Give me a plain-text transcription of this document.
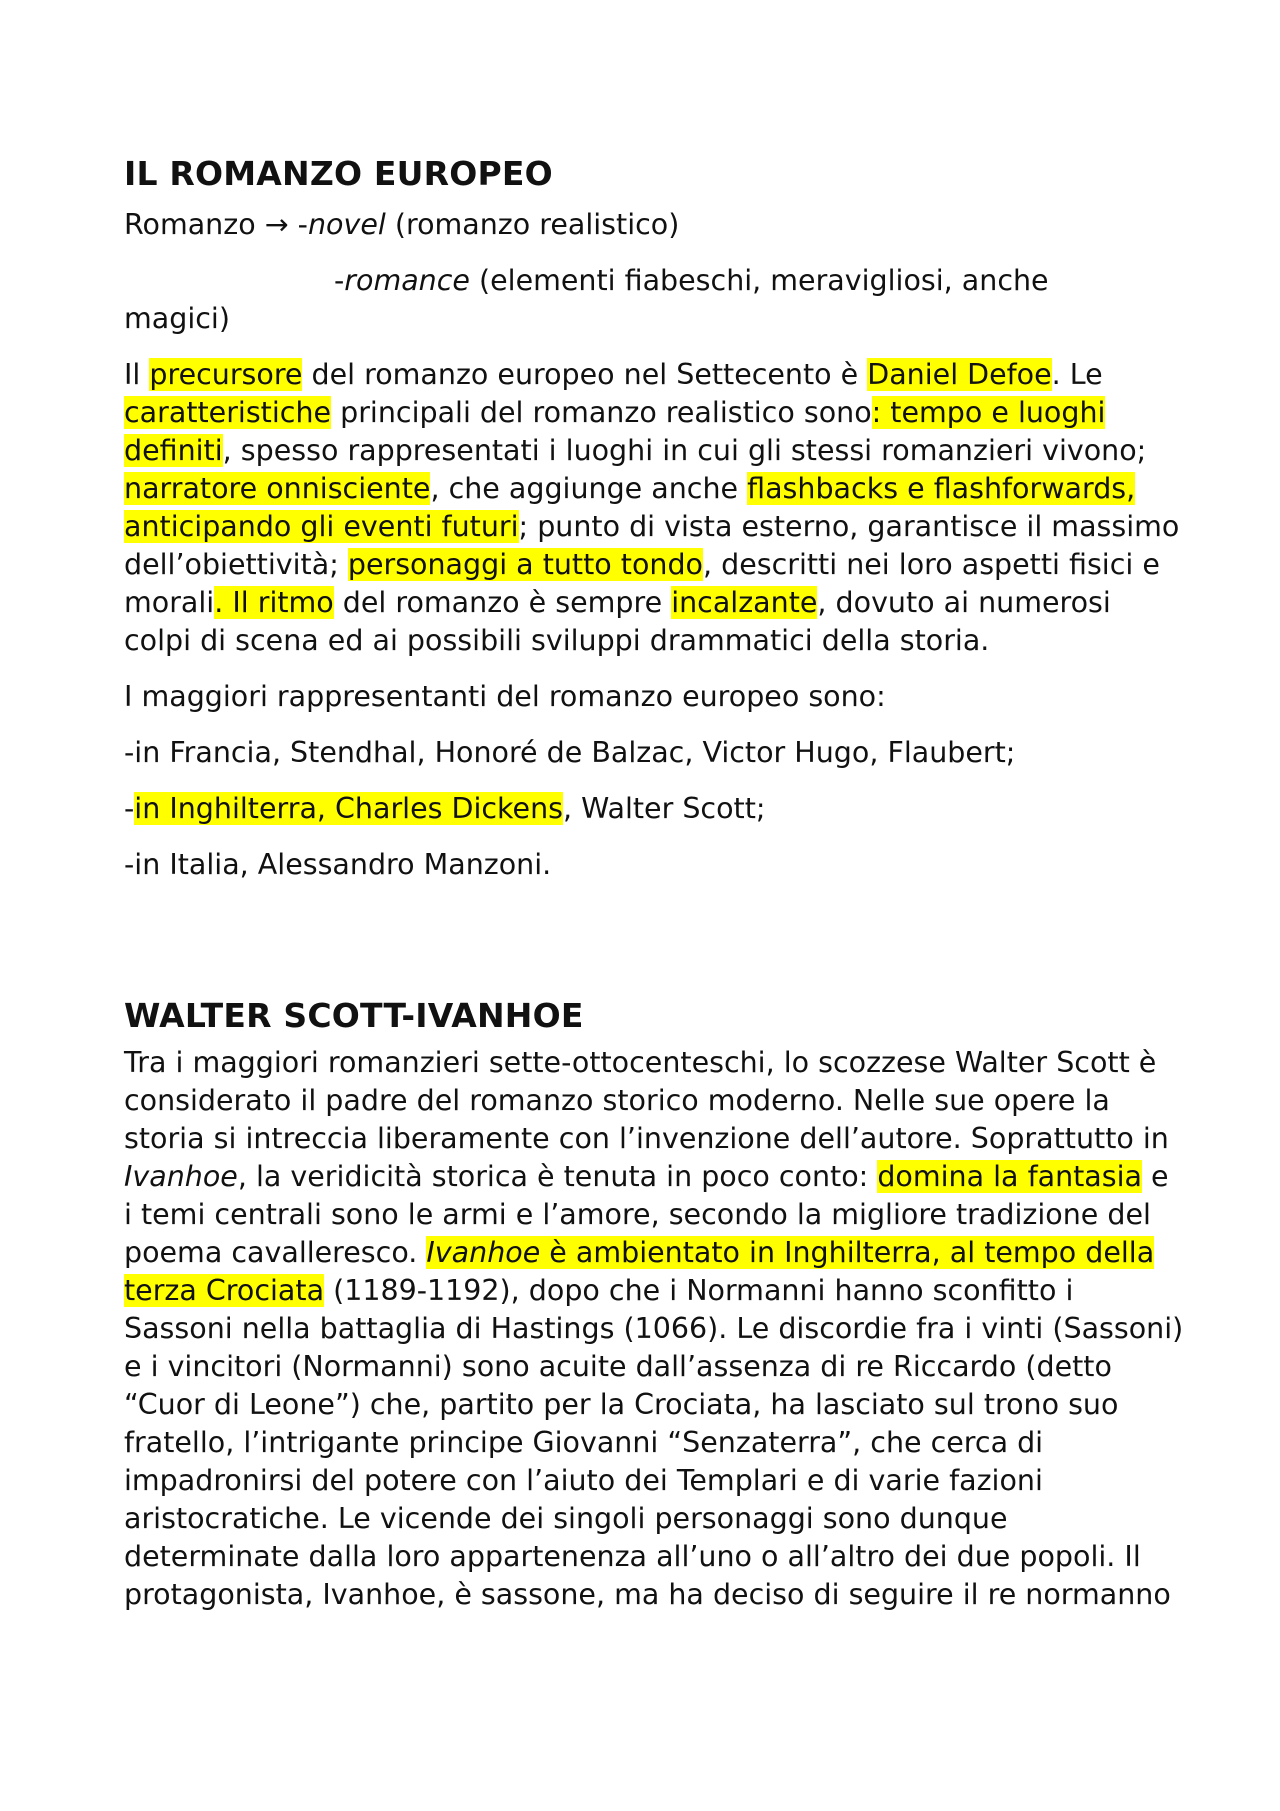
IL ROMANZO EUROPEO

Romanzo → -novel (romanzo realistico)

-romance (elementi fiabeschi, meravigliosi, anche
magici)

Il precursore del romanzo europeo nel Settecento è Daniel Defoe. Le caratteristiche principali del romanzo realistico sono: tempo e luoghi definiti, spesso rappresentati i luoghi in cui gli stessi romanzieri vivono; narratore onnisciente, che aggiunge anche flashbacks e flashforwards, anticipando gli eventi futuri; punto di vista esterno, garantisce il massimo dell’obiettività; personaggi a tutto tondo, descritti nei loro aspetti fisici e morali. Il ritmo del romanzo è sempre incalzante, dovuto ai numerosi colpi di scena ed ai possibili sviluppi drammatici della storia.

I maggiori rappresentanti del romanzo europeo sono:

-in Francia, Stendhal, Honoré de Balzac, Victor Hugo, Flaubert;

-in Inghilterra, Charles Dickens, Walter Scott;

-in Italia, Alessandro Manzoni.

WALTER SCOTT-IVANHOE

Tra i maggiori romanzieri sette-ottocenteschi, lo scozzese Walter Scott è considerato il padre del romanzo storico moderno. Nelle sue opere la storia si intreccia liberamente con l’invenzione dell’autore. Soprattutto in Ivanhoe, la veridicità storica è tenuta in poco conto: domina la fantasia e i temi centrali sono le armi e l’amore, secondo la migliore tradizione del poema cavalleresco. Ivanhoe è ambientato in Inghilterra, al tempo della terza Crociata (1189-1192), dopo che i Normanni hanno sconfitto i Sassoni nella battaglia di Hastings (1066). Le discordie fra i vinti (Sassoni) e i vincitori (Normanni) sono acuite dall’assenza di re Riccardo (detto “Cuor di Leone”) che, partito per la Crociata, ha lasciato sul trono suo fratello, l’intrigante principe Giovanni “Senzaterra”, che cerca di impadronirsi del potere con l’aiuto dei Templari e di varie fazioni aristocratiche. Le vicende dei singoli personaggi sono dunque determinate dalla loro appartenenza all’uno o all’altro dei due popoli. Il protagonista, Ivanhoe, è sassone, ma ha deciso di seguire il re normanno
